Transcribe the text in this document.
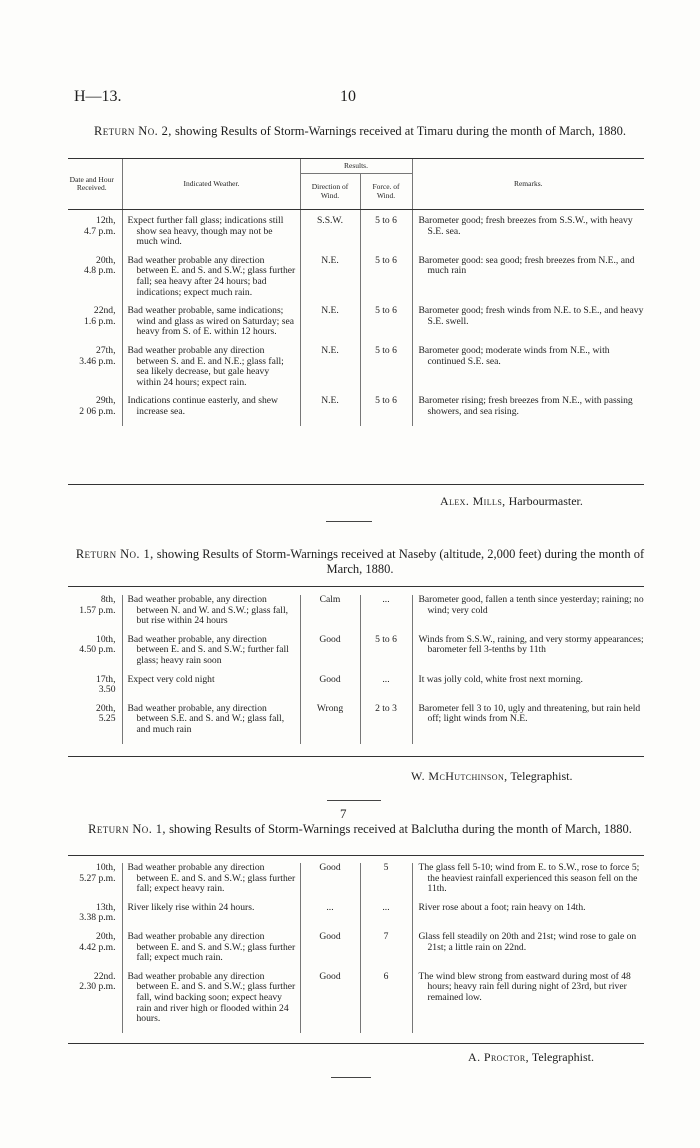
H—13.	10
Return No. 2, showing Results of Storm-Warnings received at Timaru during the month of March, 1880.
Date and Hour Received.	Indicated Weather.	Results.		Remarks.
		Direction of Wind.	Force. of Wind.	

12th,
4.7 p.m.	Expect further fall glass; indications still show sea heavy, though may not be much wind.	S.S.W.	5 to 6	Barometer good; fresh breezes from S.S.W., with heavy S.E. sea.

20th,
4.8 p.m.	Bad weather probable any direction between E. and S. and S.W.; glass further fall; sea heavy after 24 hours; bad indications; expect much rain.	N.E.	5 to 6	Barometer good: sea good; fresh breezes from N.E., and much rain

22nd,
1.6 p.m.	Bad weather probable, same indications; wind and glass as wired on Saturday; sea heavy from S. of E. within 12 hours.	N.E.	5 to 6	Barometer good; fresh winds from N.E. to S.E., and heavy S.E. swell.

27th,
3.46 p.m.	Bad weather probable any direction between S. and E. and N.E.; glass fall; sea likely decrease, but gale heavy within 24 hours; expect rain.	N.E.	5 to 6	Barometer good; moderate winds from N.E., with continued S.E. sea.

29th,
2 06 p.m.	Indications continue easterly, and shew increase sea.	N.E.	5 to 6	Barometer rising; fresh breezes from N.E., with passing showers, and sea rising.
Alex. Mills, Harbourmaster.
Return No. 1, showing Results of Storm-Warnings received at Naseby (altitude, 2,000 feet) during the month of March, 1880.
8th,
1.57 p.m.	Bad weather probable, any direction between N. and W. and S.W.; glass fall, but rise within 24 hours	Calm	...	Barometer good, fallen a tenth since yesterday; raining; no wind; very cold

10th,
4.50 p.m.	Bad weather probable, any direction between E. and S. and S.W.; further fall glass; heavy rain soon	Good	5 to 6	Winds from S.S.W., raining, and very stormy appearances; barometer fell 3-tenths by 11th

17th,
3.50	Expect very cold night	Good	...	It was jolly cold, white frost next morning.

20th,
5.25	Bad weather probable, any direction between S.E. and S. and W.; glass fall, and much rain	Wrong	2 to 3	Barometer fell 3 to 10, ugly and threatening, but rain held off; light winds from N.E.
W. McHutchinson, Telegraphist.
7
Return No. 1, showing Results of Storm-Warnings received at Balclutha during the month of March, 1880.
10th,
5.27 p.m.	Bad weather probable any direction between E. and S. and S.W.; glass further fall; expect heavy rain.	Good	5	The glass fell 5-10; wind from E. to S.W., rose to force 5; the heaviest rainfall experienced this season fell on the 11th.

13th,
3.38 p.m.	River likely rise within 24 hours.	...	...	River rose about a foot; rain heavy on 14th.

20th,
4.42 p.m.	Bad weather probable any direction between E. and S. and S.W.; glass further fall; expect much rain.	Good	7	Glass fell steadily on 20th and 21st; wind rose to gale on 21st; a little rain on 22nd.

22nd.
2.30 p.m.	Bad weather probable any direction between E. and S. and S.W.; glass further fall, wind backing soon; expect heavy rain and river high or flooded within 24 hours.	Good	6	The wind blew strong from eastward during most of 48 hours; heavy rain fell during night of 23rd, but river remained low.
A. Proctor, Telegraphist.
